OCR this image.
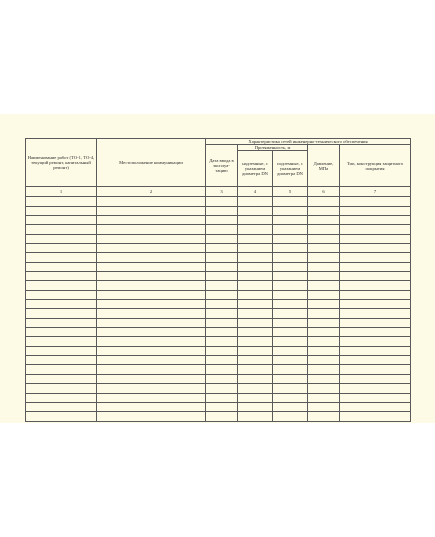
Наименование работ (ТО-1, ТО-4, текущий ремонт, капитальный ремонт)	Местоположение коммуникации	Характеристика сетей инженерно-технического обеспечения				
		Дата ввода в эксплуа-тацию	Протяженность, м		Давление, МПа	Тип, конструкция защитного покрытия
			надземные, с указанием диаметра DN	подземные, с указанием диаметра DN		
1	2	3	4	5	6	7
